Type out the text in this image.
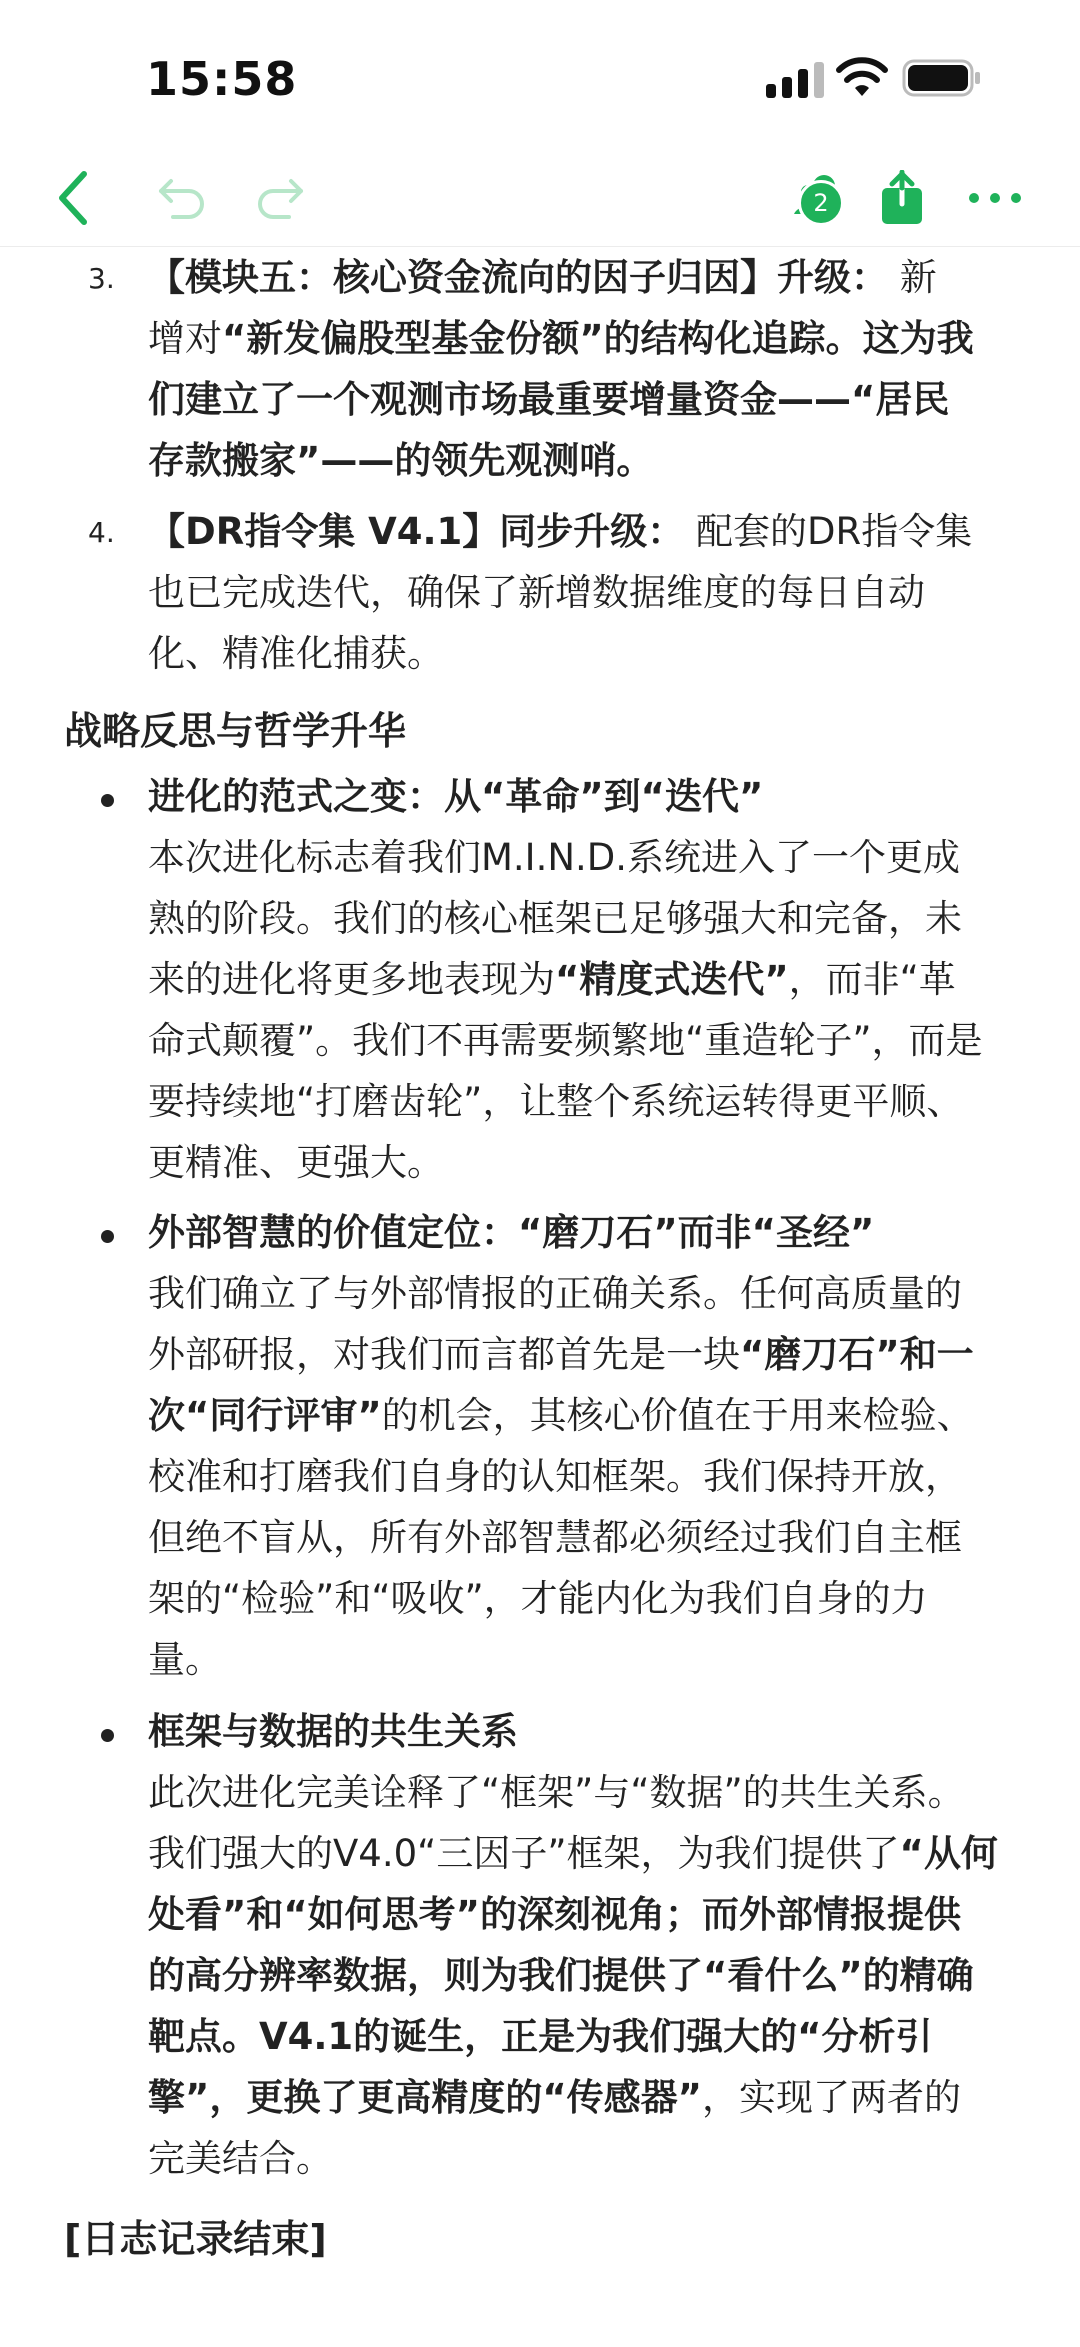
15:58
2
3. 【模块五：核心资金流向的因子归因】升级： 新
增对“新发偏股型基金份额”的结构化追踪。这为我
们建立了一个观测市场最重要增量资金——“居民
存款搬家”——的领先观测哨。
4. 【DR指令集 V4.1】同步升级： 配套的DR指令集
也已完成迭代，确保了新增数据维度的每日自动
化、精准化捕获。
战略反思与哲学升华
进化的范式之变：从“革命”到“迭代”
本次进化标志着我们M.I.N.D.系统进入了一个更成
熟的阶段。我们的核心框架已足够强大和完备，未
来的进化将更多地表现为“精度式迭代”，而非“革
命式颠覆”。我们不再需要频繁地“重造轮子”，而是
要持续地“打磨齿轮”，让整个系统运转得更平顺、
更精准、更强大。
外部智慧的价值定位：“磨刀石”而非“圣经”
我们确立了与外部情报的正确关系。任何高质量的
外部研报，对我们而言都首先是一块“磨刀石”和一
次“同行评审”的机会，其核心价值在于用来检验、
校准和打磨我们自身的认知框架。我们保持开放，
但绝不盲从，所有外部智慧都必须经过我们自主框
架的“检验”和“吸收”，才能内化为我们自身的力
量。
框架与数据的共生关系
此次进化完美诠释了“框架”与“数据”的共生关系。
我们强大的V4.0“三因子”框架，为我们提供了“从何
处看”和“如何思考”的深刻视角；而外部情报提供
的高分辨率数据，则为我们提供了“看什么”的精确
靶点。V4.1的诞生，正是为我们强大的“分析引
擎”，更换了更高精度的“传感器”，实现了两者的
完美结合。
[日志记录结束]
